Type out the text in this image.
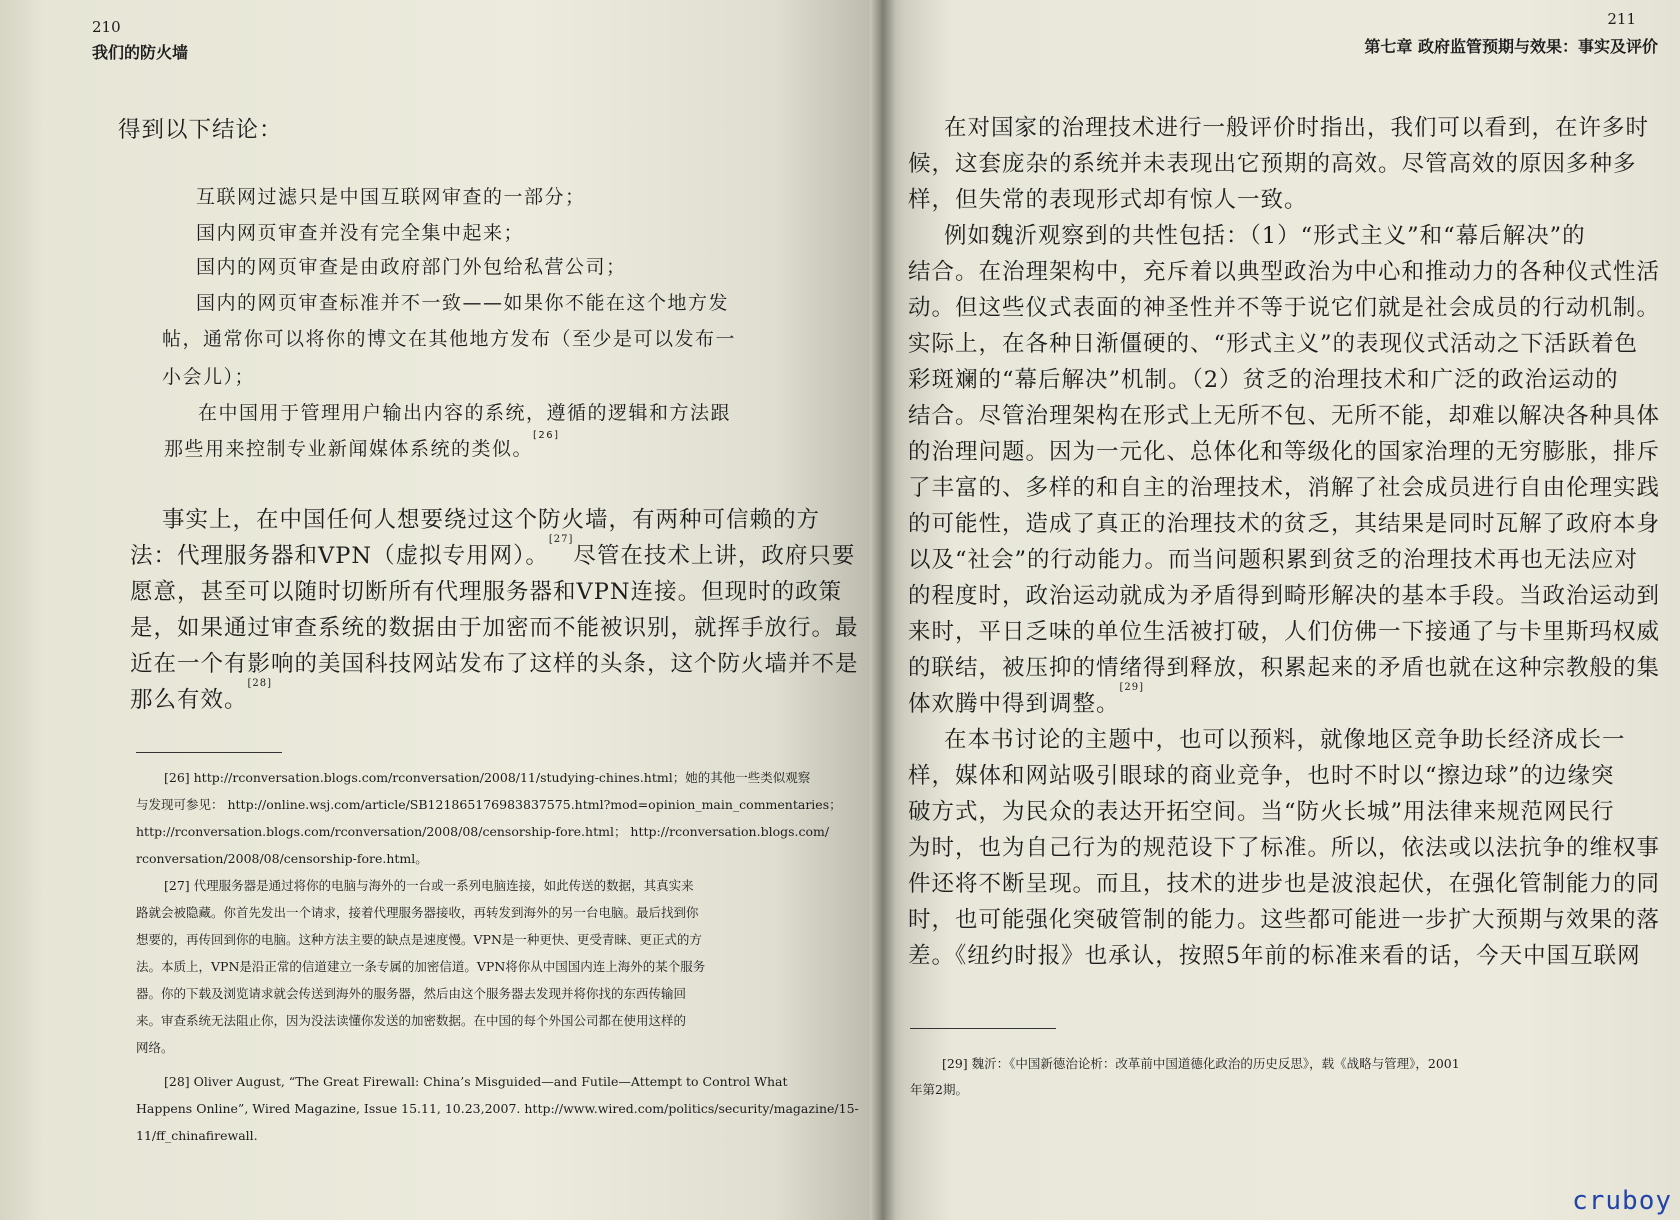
210
我们的防火墙
得到以下结论：
互联网过滤只是中国互联网审查的一部分；
国内网页审查并没有完全集中起来；
国内的网页审查是由政府部门外包给私营公司；
国内的网页审查标准并不一致——如果你不能在这个地方发
帖，通常你可以将你的博文在其他地方发布（至少是可以发布一
小会儿）；
在中国用于管理用户输出内容的系统，遵循的逻辑和方法跟
那些用来控制专业新闻媒体系统的类似。[26]
事实上，在中国任何人想要绕过这个防火墙，有两种可信赖的方
法：代理服务器和VPN（虚拟专用网）。[27]尽管在技术上讲，政府只要
愿意，甚至可以随时切断所有代理服务器和VPN连接。但现时的政策
是，如果通过审查系统的数据由于加密而不能被识别，就挥手放行。最
近在一个有影响的美国科技网站发布了这样的头条，这个防火墙并不是
那么有效。[28]
[26] http://rconversation.blogs.com/rconversation/2008/11/studying-chines.html；她的其他一些类似观察
与发现可参见： http://online.wsj.com/article/SB121865176983837575.html?mod=opinion_main_commentaries；
http://rconversation.blogs.com/rconversation/2008/08/censorship-fore.html； http://rconversation.blogs.com/
rconversation/2008/08/censorship-fore.html。
[27] 代理服务器是通过将你的电脑与海外的一台或一系列电脑连接，如此传送的数据，其真实来
路就会被隐藏。你首先发出一个请求，接着代理服务器接收，再转发到海外的另一台电脑。最后找到你
想要的，再传回到你的电脑。这种方法主要的缺点是速度慢。VPN是一种更快、更受青睐、更正式的方
法。本质上，VPN是沿正常的信道建立一条专属的加密信道。VPN将你从中国国内连上海外的某个服务
器。你的下载及浏览请求就会传送到海外的服务器，然后由这个服务器去发现并将你找的东西传输回
来。审查系统无法阻止你，因为没法读懂你发送的加密数据。在中国的每个外国公司都在使用这样的
网络。
[28] Oliver August, “The Great Firewall: China’s Misguided—and Futile—Attempt to Control What
Happens Online”, Wired Magazine, Issue 15.11, 10.23,2007. http://www.wired.com/politics/security/magazine/15-
11/ff_chinafirewall.
211
第七章 政府监管预期与效果：事实及评价
在对国家的治理技术进行一般评价时指出，我们可以看到，在许多时
候，这套庞杂的系统并未表现出它预期的高效。尽管高效的原因多种多
样，但失常的表现形式却有惊人一致。
例如魏沂观察到的共性包括：（1）“形式主义”和“幕后解决”的
结合。在治理架构中，充斥着以典型政治为中心和推动力的各种仪式性活
动。但这些仪式表面的神圣性并不等于说它们就是社会成员的行动机制。
实际上，在各种日渐僵硬的、“形式主义”的表现仪式活动之下活跃着色
彩斑斓的“幕后解决”机制。（2）贫乏的治理技术和广泛的政治运动的
结合。尽管治理架构在形式上无所不包、无所不能，却难以解决各种具体
的治理问题。因为一元化、总体化和等级化的国家治理的无穷膨胀，排斥
了丰富的、多样的和自主的治理技术，消解了社会成员进行自由伦理实践
的可能性，造成了真正的治理技术的贫乏，其结果是同时瓦解了政府本身
以及“社会”的行动能力。而当问题积累到贫乏的治理技术再也无法应对
的程度时，政治运动就成为矛盾得到畸形解决的基本手段。当政治运动到
来时，平日乏味的单位生活被打破，人们仿佛一下接通了与卡里斯玛权威
的联结，被压抑的情绪得到释放，积累起来的矛盾也就在这种宗教般的集
体欢腾中得到调整。[29]
在本书讨论的主题中，也可以预料，就像地区竞争助长经济成长一
样，媒体和网站吸引眼球的商业竞争，也时不时以“擦边球”的边缘突
破方式，为民众的表达开拓空间。当“防火长城”用法律来规范网民行
为时，也为自己行为的规范设下了标准。所以，依法或以法抗争的维权事
件还将不断呈现。而且，技术的进步也是波浪起伏，在强化管制能力的同
时，也可能强化突破管制的能力。这些都可能进一步扩大预期与效果的落
差。《纽约时报》也承认，按照5年前的标准来看的话，今天中国互联网
[29] 魏沂：《中国新德治论析：改革前中国道德化政治的历史反思》，载《战略与管理》，2001
年第2期。
cruboy
